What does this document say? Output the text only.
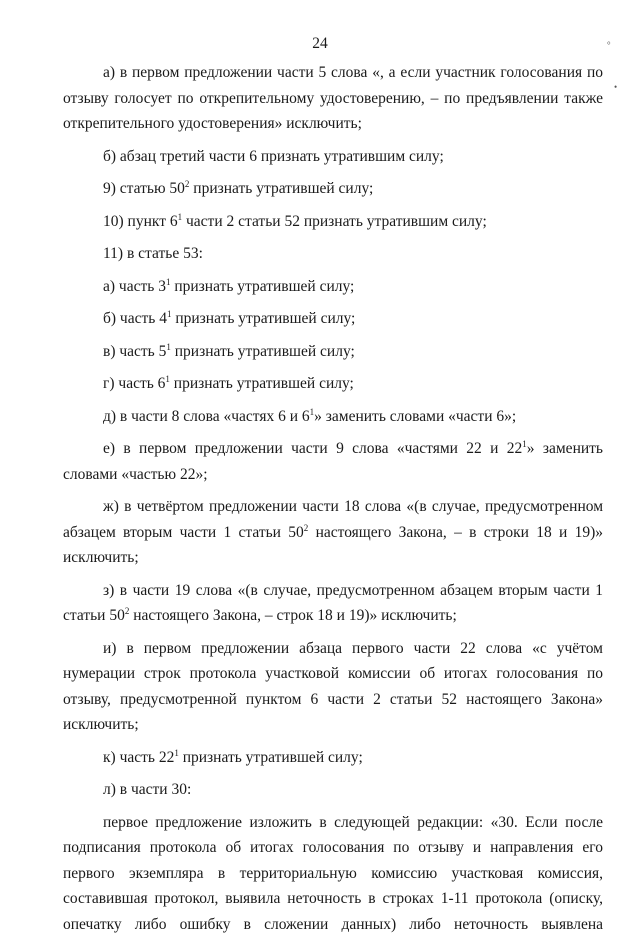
24	°
•

а) в первом предложении части 5 слова «, а если участник голосования по отзыву голосует по открепительному удостоверению, – по предъявлении также открепительного удостоверения» исключить;

б) абзац третий части 6 признать утратившим силу;

9) статью $50^2$ признать утратившей силу;

10) пункт $6^1$ части 2 статьи 52 признать утратившим силу;

11) в статье 53:

а) часть $3^1$ признать утратившей силу;

б) часть $4^1$ признать утратившей силу;

в) часть $5^1$ признать утратившей силу;

г) часть $6^1$ признать утратившей силу;

д) в части 8 слова «частях 6 и $6^1$» заменить словами «части 6»;

е) в первом предложении части 9 слова «частями 22 и $22^1$» заменить словами «частью 22»;

ж) в четвёртом предложении части 18 слова «(в случае, предусмотренном абзацем вторым части 1 статьи $50^2$ настоящего Закона, – в строки 18 и 19)» исключить;

з) в части 19 слова «(в случае, предусмотренном абзацем вторым части 1 статьи $50^2$ настоящего Закона, – строк 18 и 19)» исключить;

и) в первом предложении абзаца первого части 22 слова «с учётом нумерации строк протокола участковой комиссии об итогах голосования по отзыву, предусмотренной пунктом 6 части 2 статьи 52 настоящего Закона» исключить;

к) часть $22^1$ признать утратившей силу;

л) в части 30:

первое предложение изложить в следующей редакции: «30. Если после подписания протокола об итогах голосования по отзыву и направления его первого экземпляра в территориальную комиссию участковая комиссия, составившая протокол, выявила неточность в строках 1-11 протокола (описку, опечатку либо ошибку в сложении данных) либо неточность выявлена
